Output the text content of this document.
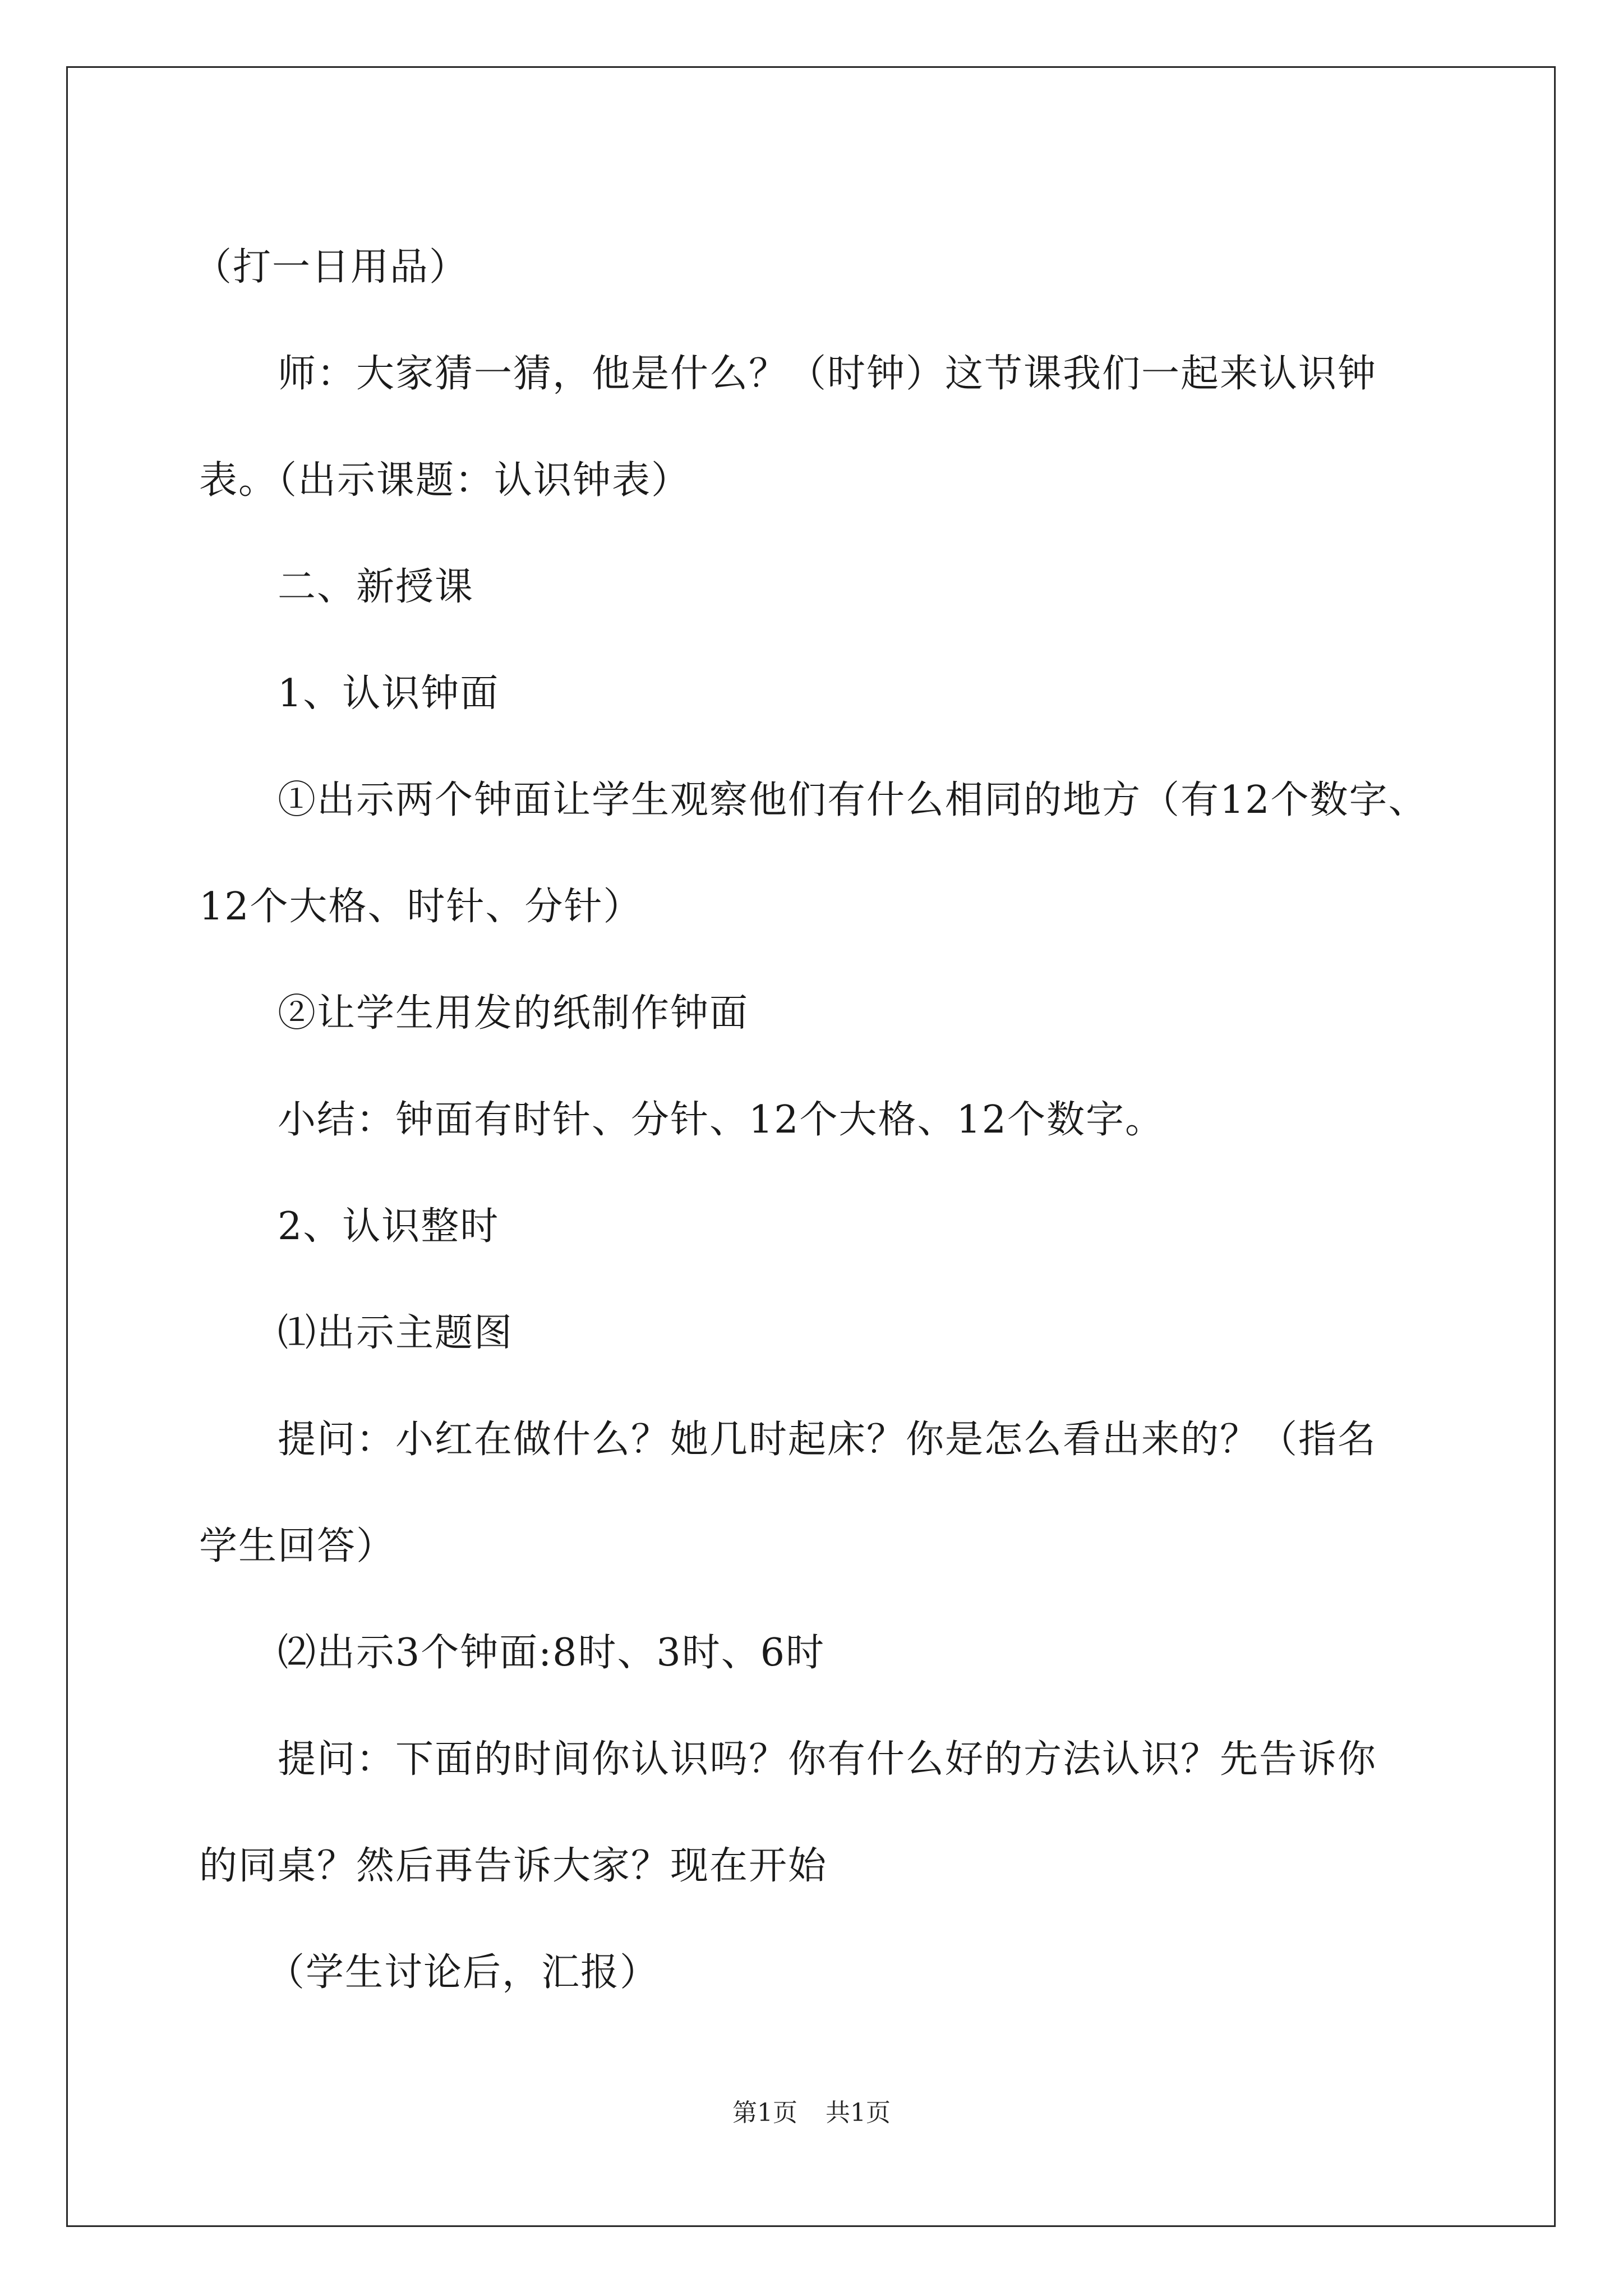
（打一日用品）

师：大家猜一猜，他是什么？（时钟）这节课我们一起来认识钟

表。（出示课题：认识钟表）

二、新授课

1、认识钟面

①出示两个钟面让学生观察他们有什么相同的地方（有12个数字、

12个大格、时针、分针）

②让学生用发的纸制作钟面

小结：钟面有时针、分针、12个大格、12个数字。

2、认识整时

⑴出示主题图

提问：小红在做什么？她几时起床？你是怎么看出来的？（指名

学生回答）

⑵出示3个钟面:8时、3时、6时

提问：下面的时间你认识吗？你有什么好的方法认识？先告诉你

的同桌？然后再告诉大家？现在开始

（学生讨论后，汇报）

第1页 共1页
